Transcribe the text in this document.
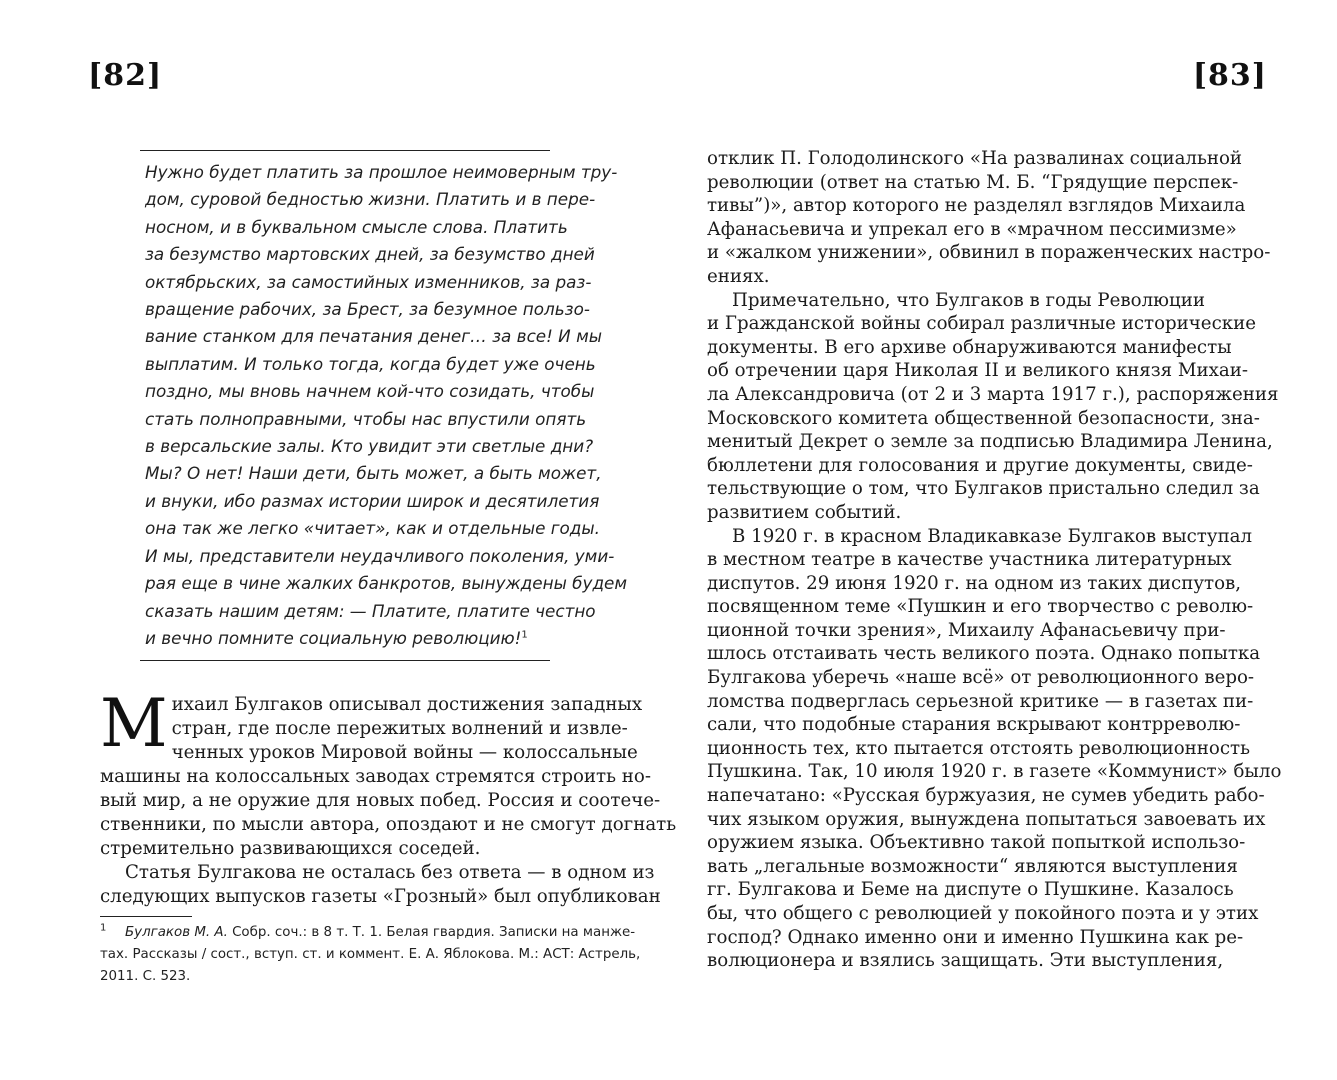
[82]	[83]

Нужно будет платить за прошлое неимоверным тру-
дом, суровой бедностью жизни. Платить и в пере-
носном, и в буквальном смысле слова. Платить
за безумство мартовских дней, за безумство дней
октябрьских, за самостийных изменников, за раз-
вращение рабочих, за Брест, за безумное пользо-
вание станком для печатания денег… за все! И мы
выплатим. И только тогда, когда будет уже очень
поздно, мы вновь начнем кой-что созидать, чтобы
стать полноправными, чтобы нас впустили опять
в версальские залы. Кто увидит эти светлые дни?
Мы? О нет! Наши дети, быть может, а быть может,
и внуки, ибо размах истории широк и десятилетия
она так же легко «читает», как и отдельные годы.
И мы, представители неудачливого поколения, уми-
рая еще в чине жалких банкротов, вынуждены будем
сказать нашим детям: — Платите, платите честно
и вечно помните социальную революцию!$^1$

М ихаил Булгаков описывал достижения западных
стран, где после пережитых волнений и извле-
ченных уроков Мировой войны — колоссальные
машины на колоссальных заводах стремятся строить но-
вый мир, а не оружие для новых побед. Россия и соотече-
ственники, по мысли автора, опоздают и не смогут догнать
стремительно развивающихся соседей.

Статья Булгакова не осталась без ответа — в одном из
следующих выпусков газеты «Грозный» был опубликован

$^1$ Булгаков М. А. Собр. соч.: в 8 т. Т. 1. Белая гвардия. Записки на манже-
тах. Рассказы / сост., вступ. ст. и коммент. Е. А. Яблокова. М.: АСТ: Астрель,
2011. С. 523.

отклик П. Голодолинского «На развалинах социальной
революции (ответ на статью М. Б. “Грядущие перспек-
тивы”)», автор которого не разделял взглядов Михаила
Афанасьевича и упрекал его в «мрачном пессимизме»
и «жалком унижении», обвинил в пораженческих настро-
ениях.

Примечательно, что Булгаков в годы Революции
и Гражданской войны собирал различные исторические
документы. В его архиве обнаруживаются манифесты
об отречении царя Николая II и великого князя Михаи-
ла Александровича (от 2 и 3 марта 1917 г.), распоряжения
Московского комитета общественной безопасности, зна-
менитый Декрет о земле за подписью Владимира Ленина,
бюллетени для голосования и другие документы, свиде-
тельствующие о том, что Булгаков пристально следил за
развитием событий.

В 1920 г. в красном Владикавказе Булгаков выступал
в местном театре в качестве участника литературных
диспутов. 29 июня 1920 г. на одном из таких диспутов,
посвященном теме «Пушкин и его творчество с револю-
ционной точки зрения», Михаилу Афанасьевичу при-
шлось отстаивать честь великого поэта. Однако попытка
Булгакова уберечь «наше всё» от революционного веро-
ломства подверглась серьезной критике — в газетах пи-
сали, что подобные старания вскрывают контрреволю-
ционность тех, кто пытается отстоять революционность
Пушкина. Так, 10 июля 1920 г. в газете «Коммунист» было
напечатано: «Русская буржуазия, не сумев убедить рабо-
чих языком оружия, вынуждена попытаться завоевать их
оружием языка. Объективно такой попыткой использо-
вать „легальные возможности“ являются выступления
гг. Булгакова и Беме на диспуте о Пушкине. Казалось
бы, что общего с революцией у покойного поэта и у этих
господ? Однако именно они и именно Пушкина как ре-
волюционера и взялись защищать. Эти выступления,
